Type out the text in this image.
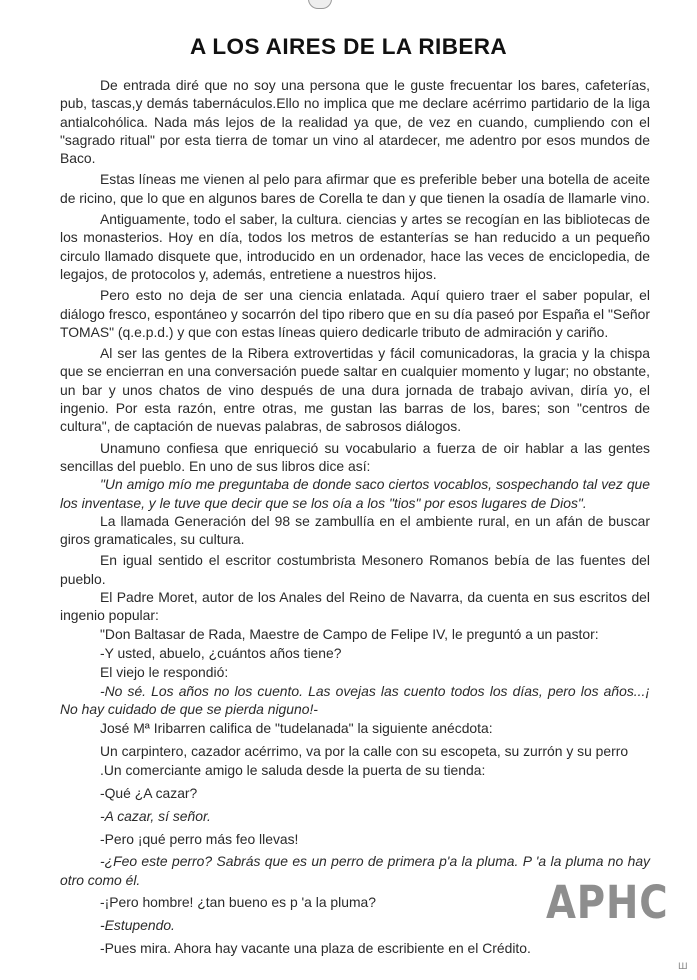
A LOS AIRES DE LA RIBERA

De entrada diré que no soy una persona que le guste frecuentar los bares, cafeterías, pub, tascas,y demás tabernáculos.Ello no implica que me declare acérrimo partidario de la liga antialcohólica. Nada más lejos de la realidad ya que, de vez en cuando, cumpliendo con el "sagrado ritual" por esta tierra de tomar un vino al atardecer, me adentro por esos mundos de Baco.

Estas líneas me vienen al pelo para afirmar que es preferible beber una botella de aceite de ricino, que lo que en algunos bares de Corella te dan y que tienen la osadía de llamarle vino.

Antiguamente, todo el saber, la cultura. ciencias y artes se recogían en las bibliotecas de los monasterios. Hoy en día, todos los metros de estanterías se han reducido a un pequeño circulo llamado disquete que, introducido en un ordenador, hace las veces de enciclopedia, de legajos, de protocolos y, además, entretiene a nuestros hijos.

Pero esto no deja de ser una ciencia enlatada. Aquí quiero traer el saber popular, el diálogo fresco, espontáneo y socarrón del tipo ribero que en su día paseó por España el "Señor TOMAS" (q.e.p.d.) y que con estas líneas quiero dedicarle tributo de admiración y cariño.

Al ser las gentes de la Ribera extrovertidas y fácil comunicadoras, la gracia y la chispa que se encierran en una conversación puede saltar en cualquier momento y lugar; no obstante, un bar y unos chatos de vino después de una dura jornada de trabajo avivan, diría yo, el ingenio. Por esta razón, entre otras, me gustan las barras de los, bares; son "centros de cultura", de captación de nuevas palabras, de sabrosos diálogos.

Unamuno confiesa que enriqueció su vocabulario a fuerza de oir hablar a las gentes sencillas del pueblo. En uno de sus libros dice así:

"Un amigo mío me preguntaba de donde saco ciertos vocablos, sospechando tal vez que los inventase, y le tuve que decir que se los oía a los "tios" por esos lugares de Dios".

La llamada Generación del 98 se zambullía en el ambiente rural, en un afán de buscar giros gramaticales, su cultura.

En igual sentido el escritor costumbrista Mesonero Romanos bebía de las fuentes del pueblo.

El Padre Moret, autor de los Anales del Reino de Navarra, da cuenta en sus escritos del ingenio popular:

"Don Baltasar de Rada, Maestre de Campo de Felipe IV, le preguntó a un pastor:

-Y usted, abuelo, ¿cuántos años tiene?

El viejo le respondió:

-No sé. Los años no los cuento. Las ovejas las cuento todos los días, pero los años...¡ No hay cuidado de que se pierda niguno!-

José Mª Iribarren califica de "tudelanada" la siguiente anécdota:

Un carpintero, cazador acérrimo, va por la calle con su escopeta, su zurrón y su perro

.Un comerciante amigo le saluda desde la puerta de su tienda:

-Qué ¿A cazar?

-A cazar, sí señor.

-Pero ¡qué perro más feo llevas!

-¿Feo este perro? Sabrás que es un perro de primera p'a la pluma. P 'a la pluma no hay otro como él.

-¡Pero hombre! ¿tan bueno es p 'a la pluma?

-Estupendo.

-Pues mira. Ahora hay vacante una plaza de escribiente en el Crédito.

APHC
Ш
